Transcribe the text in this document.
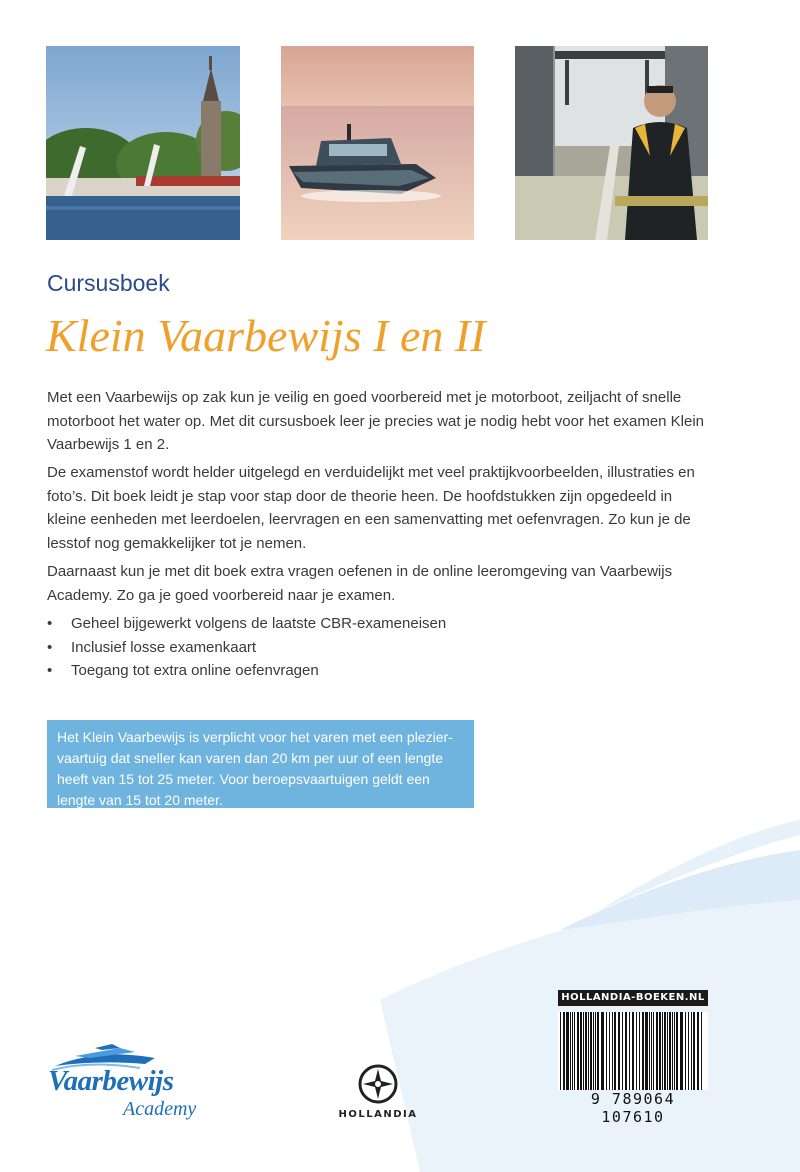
Cursusboek
Klein Vaarbewijs I en II
Met een Vaarbewijs op zak kun je veilig en goed voorbereid met je motorboot, zeiljacht of snelle motorboot het water op. Met dit cursusboek leer je precies wat je nodig hebt voor het examen Klein Vaarbewijs 1 en 2.
De examenstof wordt helder uitgelegd en verduidelijkt met veel praktijkvoorbeelden, illustraties en foto’s. Dit boek leidt je stap voor stap door de theorie heen. De hoofdstukken zijn opgedeeld in kleine eenheden met leerdoelen, leervragen en een samenvatting met oefenvragen. Zo kun je de lesstof nog gemakkelijker tot je nemen.
Daarnaast kun je met dit boek extra vragen oefenen in de online leeromgeving van Vaarbewijs Academy. Zo ga je goed voorbereid naar je examen.
• Geheel bijgewerkt volgens de laatste CBR-exameneisen
• Inclusief losse examenkaart
• Toegang tot extra online oefenvragen
Het Klein Vaarbewijs is verplicht voor het varen met een pleziervaartuig dat sneller kan varen dan 20 km per uur of een lengte heeft van 15 tot 25 meter. Voor beroepsvaartuigen geldt een lengte van 15 tot 20 meter.
HOLLANDIA-BOEKEN.NL
9 789064 107610
Vaarbewijs
Academy	HOLLANDIA
